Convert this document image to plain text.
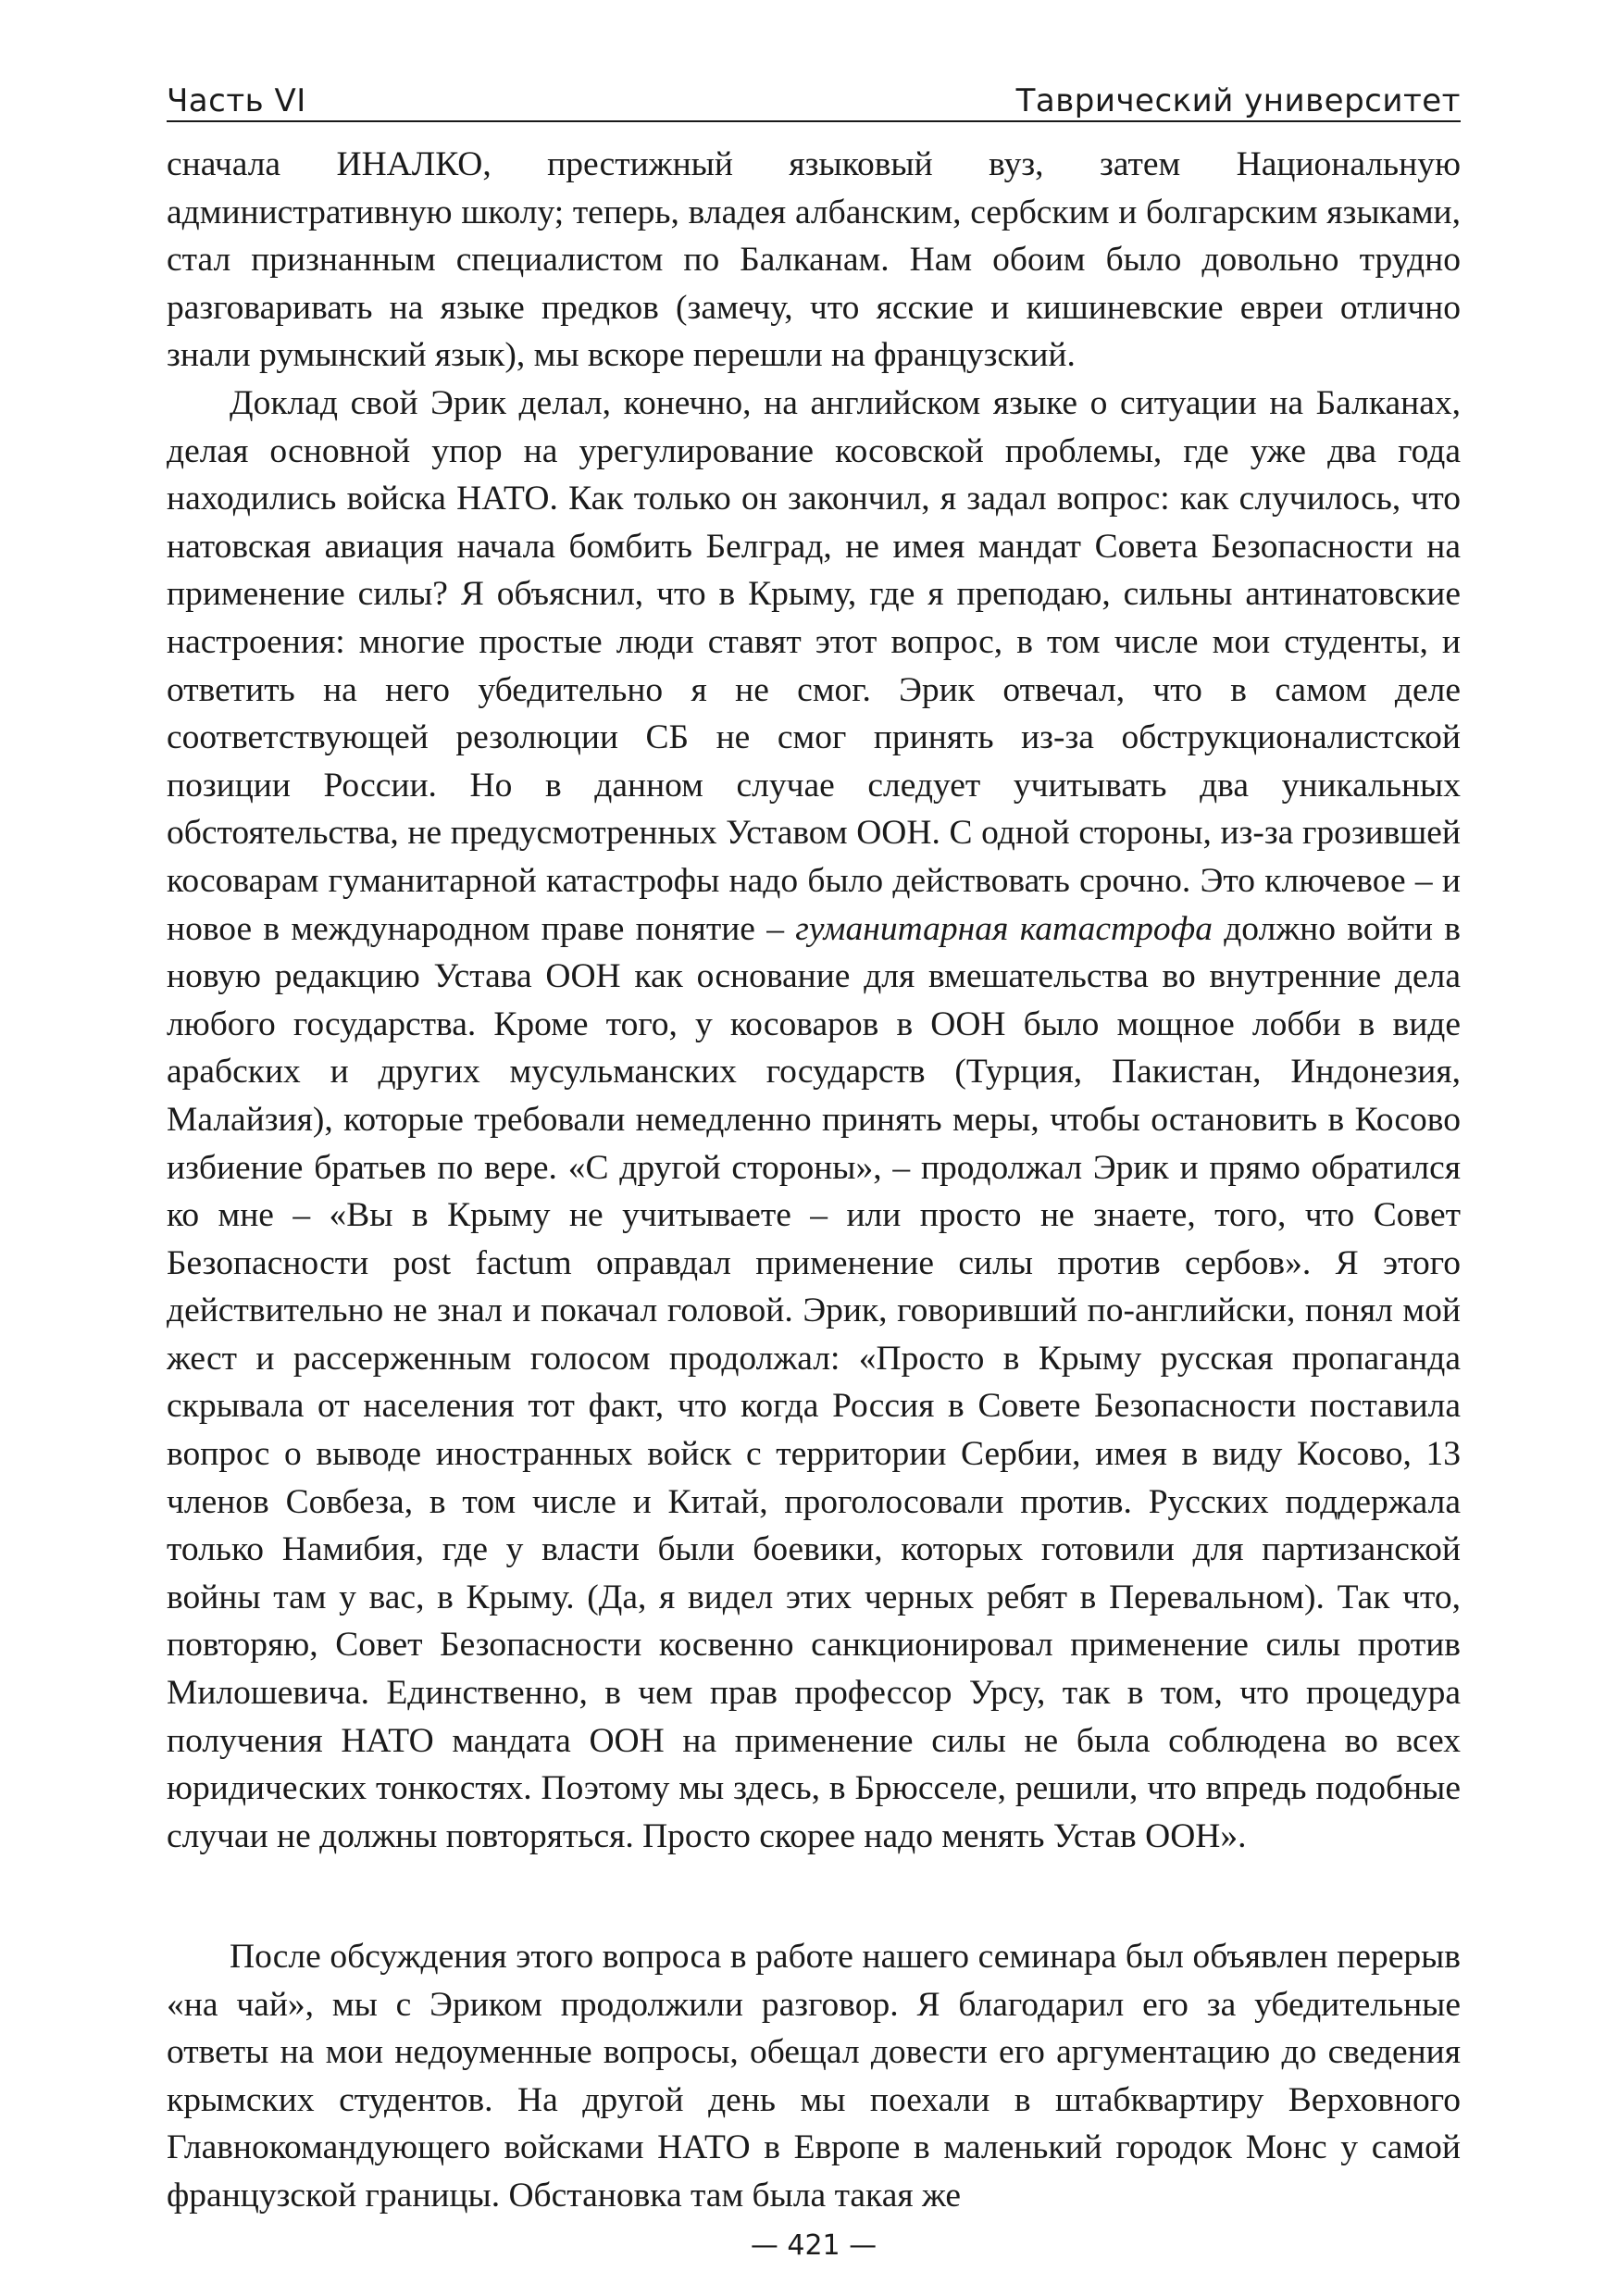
Часть VI	Таврический университет

сначала ИНАЛКО, престижный языковый вуз, затем Национальную административную школу; теперь, владея албанским, сербским и болгарским языками, стал признанным специалистом по Балканам. Нам обоим было довольно трудно разговаривать на языке предков (замечу, что ясские и кишиневские евреи отлично знали румынский язык), мы вскоре перешли на французский.

Доклад свой Эрик делал, конечно, на английском языке о ситуации на Балканах, делая основной упор на урегулирование косовской проблемы, где уже два года находились войска НАТО. Как только он закончил, я задал вопрос: как случилось, что натовская авиация начала бомбить Белград, не имея мандат Совета Безопасности на применение силы? Я объяснил, что в Крыму, где я преподаю, сильны антинатовские настроения: многие простые люди ставят этот вопрос, в том числе мои студенты, и ответить на него убедительно я не смог. Эрик отвечал, что в самом деле соответствующей резолюции СБ не смог принять из-за обструкционалистской позиции России. Но в данном случае следует учитывать два уникальных обстоятельства, не предусмотренных Уставом ООН. С одной стороны, из-за грозившей косоварам гуманитарной катастрофы надо было действовать срочно. Это ключевое – и новое в международном праве понятие – гуманитарная катастрофа должно войти в новую редакцию Устава ООН как основание для вмешательства во внутренние дела любого государства. Кроме того, у косоваров в ООН было мощное лобби в виде арабских и других мусульманских государств (Турция, Пакистан, Индонезия, Малайзия), которые требовали немедленно принять меры, чтобы остановить в Косово избиение братьев по вере. «С другой стороны», – продолжал Эрик и прямо обратился ко мне – «Вы в Крыму не учитываете – или просто не знаете, того, что Совет Безопасности post factum оправдал применение силы против сербов». Я этого действительно не знал и покачал головой. Эрик, говоривший по-английски, понял мой жест и рассерженным голосом продолжал: «Просто в Крыму русская пропаганда скрывала от населения тот факт, что когда Россия в Совете Безопасности поставила вопрос о выводе иностранных войск с территории Сербии, имея в виду Косово, 13 членов Совбеза, в том числе и Китай, проголосовали против. Русских поддержала только Намибия, где у власти были боевики, которых готовили для партизанской войны там у вас, в Крыму. (Да, я видел этих черных ребят в Перевальном). Так что, повторяю, Совет Безопасности косвенно санкционировал применение силы против Милошевича. Единственно, в чем прав профессор Урсу, так в том, что процедура получения НАТО мандата ООН на применение силы не была соблюдена во всех юридических тонкостях. Поэтому мы здесь, в Брюсселе, решили, что впредь подобные случаи не должны повторяться. Просто скорее надо менять Устав ООН».

После обсуждения этого вопроса в работе нашего семинара был объявлен перерыв «на чай», мы с Эриком продолжили разговор. Я благодарил его за убедительные ответы на мои недоуменные вопросы, обещал довести его аргументацию до сведения крымских студентов. На другой день мы поехали в штабквартиру Верховного Главнокомандующего войсками НАТО в Европе в маленький городок Монс у самой французской границы. Обстановка там была такая же

— 421 —
